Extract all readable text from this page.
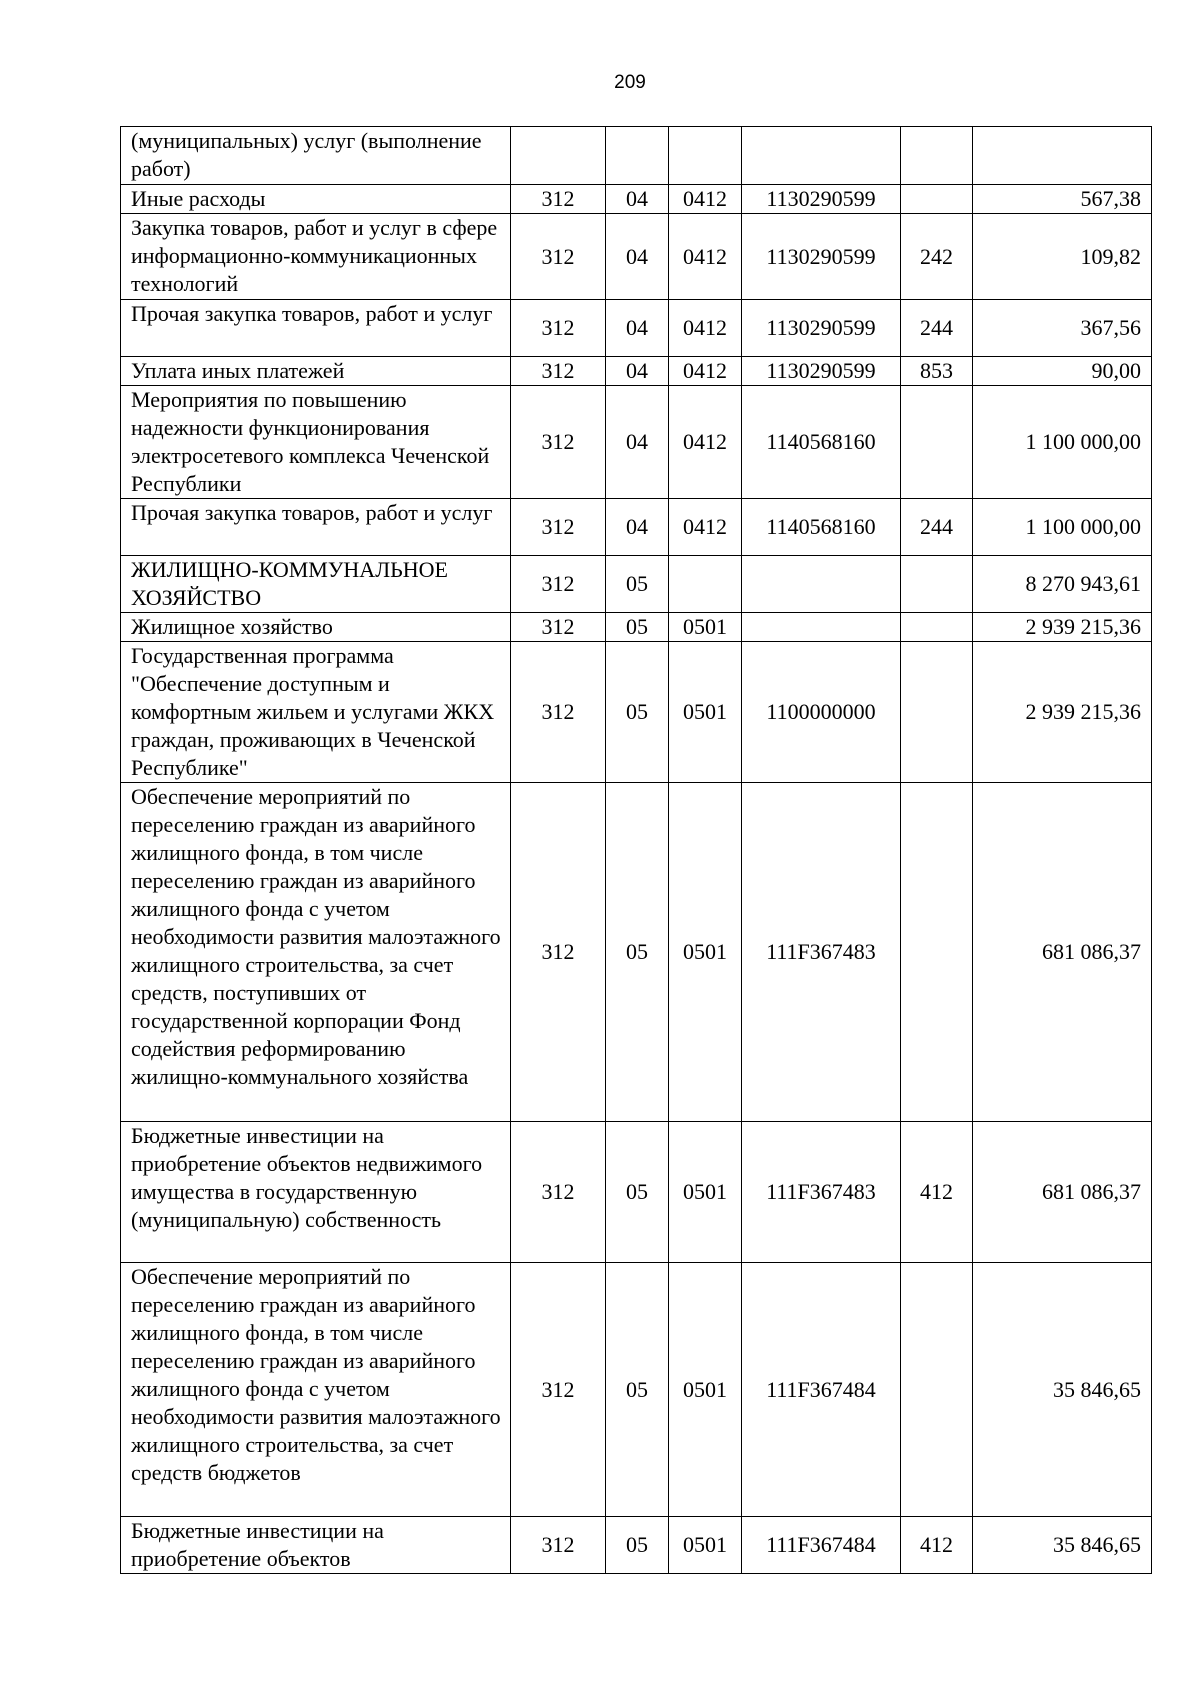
209
(муниципальных) услуг (выполнение работ)						
Иные расходы	312	04	0412	1130290599		567,38
Закупка товаров, работ и услуг в сфере информационно-коммуникационных технологий	312	04	0412	1130290599	242	109,82
Прочая закупка товаров, работ и услуг	312	04	0412	1130290599	244	367,56
Уплата иных платежей	312	04	0412	1130290599	853	90,00
Мероприятия по повышению надежности функционирования электросетевого комплекса Чеченской Республики	312	04	0412	1140568160		1 100 000,00
Прочая закупка товаров, работ и услуг	312	04	0412	1140568160	244	1 100 000,00
ЖИЛИЩНО-КОММУНАЛЬНОЕ ХОЗЯЙСТВО	312	05				8 270 943,61
Жилищное хозяйство	312	05	0501			2 939 215,36
Государственная программа "Обеспечение доступным и комфортным жильем и услугами ЖКХ граждан, проживающих в Чеченской Республике"	312	05	0501	1100000000		2 939 215,36
Обеспечение мероприятий по переселению граждан из аварийного жилищного фонда, в том числе переселению граждан из аварийного жилищного фонда с учетом необходимости развития малоэтажного жилищного строительства, за счет средств, поступивших от государственной корпорации Фонд содействия реформированию жилищно-коммунального хозяйства	312	05	0501	111F367483		681 086,37
Бюджетные инвестиции на приобретение объектов недвижимого имущества в государственную (муниципальную) собственность	312	05	0501	111F367483	412	681 086,37
Обеспечение мероприятий по переселению граждан из аварийного жилищного фонда, в том числе переселению граждан из аварийного жилищного фонда с учетом необходимости развития малоэтажного жилищного строительства, за счет средств бюджетов	312	05	0501	111F367484		35 846,65
Бюджетные инвестиции на приобретение объектов	312	05	0501	111F367484	412	35 846,65
